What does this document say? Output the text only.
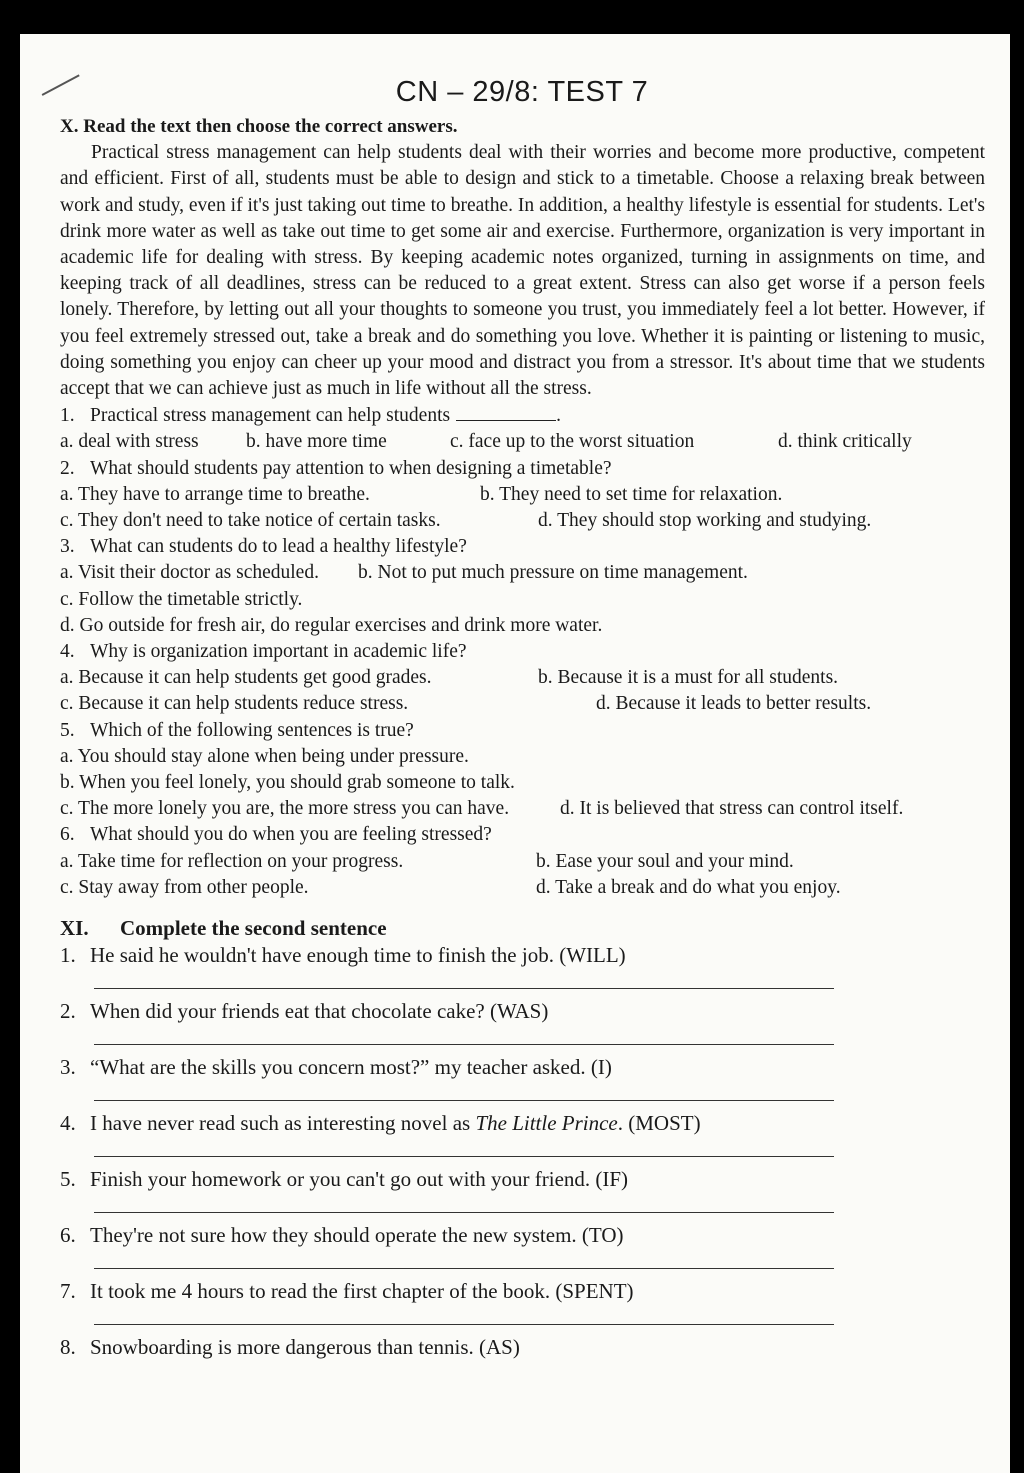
CN – 29/8: TEST 7
X. Read the text then choose the correct answers.

Practical stress management can help students deal with their worries and become more productive, competent and efficient. First of all, students must be able to design and stick to a timetable. Choose a relaxing break between work and study, even if it's just taking out time to breathe. In addition, a healthy lifestyle is essential for students. Let's drink more water as well as take out time to get some air and exercise. Furthermore, organization is very important in academic life for dealing with stress. By keeping academic notes organized, turning in assignments on time, and keeping track of all deadlines, stress can be reduced to a great extent. Stress can also get worse if a person feels lonely. Therefore, by letting out all your thoughts to someone you trust, you immediately feel a lot better. However, if you feel extremely stressed out, take a break and do something you love. Whether it is painting or listening to music, doing something you enjoy can cheer up your mood and distract you from a stressor. It's about time that we students accept that we can achieve just as much in life without all the stress.

1. Practical stress management can help students	.
a. deal with stress b. have more time	c. face up to the worst situation	d. think critically
2. What should students pay attention to when designing a timetable?
a. They have to arrange time to breathe.	b. They need to set time for relaxation.
c. They don't need to take notice of certain tasks.	d. They should stop working and studying.
3. What can students do to lead a healthy lifestyle?
a. Visit their doctor as scheduled. b. Not to put much pressure on time management.
c. Follow the timetable strictly.
d. Go outside for fresh air, do regular exercises and drink more water.
4. Why is organization important in academic life?
a. Because it can help students get good grades.	b. Because it is a must for all students.
c. Because it can help students reduce stress.	d. Because it leads to better results.
5. Which of the following sentences is true?
a. You should stay alone when being under pressure.
b. When you feel lonely, you should grab someone to talk.
c. The more lonely you are, the more stress you can have.	d. It is believed that stress can control itself.
6. What should you do when you are feeling stressed?
a. Take time for reflection on your progress.	b. Ease your soul and your mind.
c. Stay away from other people.	d. Take a break and do what you enjoy.
XI. Complete the second sentence
1. He said he wouldn't have enough time to finish the job. (WILL)
2. When did your friends eat that chocolate cake? (WAS)
3. “What are the skills you concern most?” my teacher asked. (I)
4. I have never read such as interesting novel as The Little Prince. (MOST)
5. Finish your homework or you can't go out with your friend. (IF)
6. They're not sure how they should operate the new system. (TO)
7. It took me 4 hours to read the first chapter of the book. (SPENT)
8. Snowboarding is more dangerous than tennis. (AS)
